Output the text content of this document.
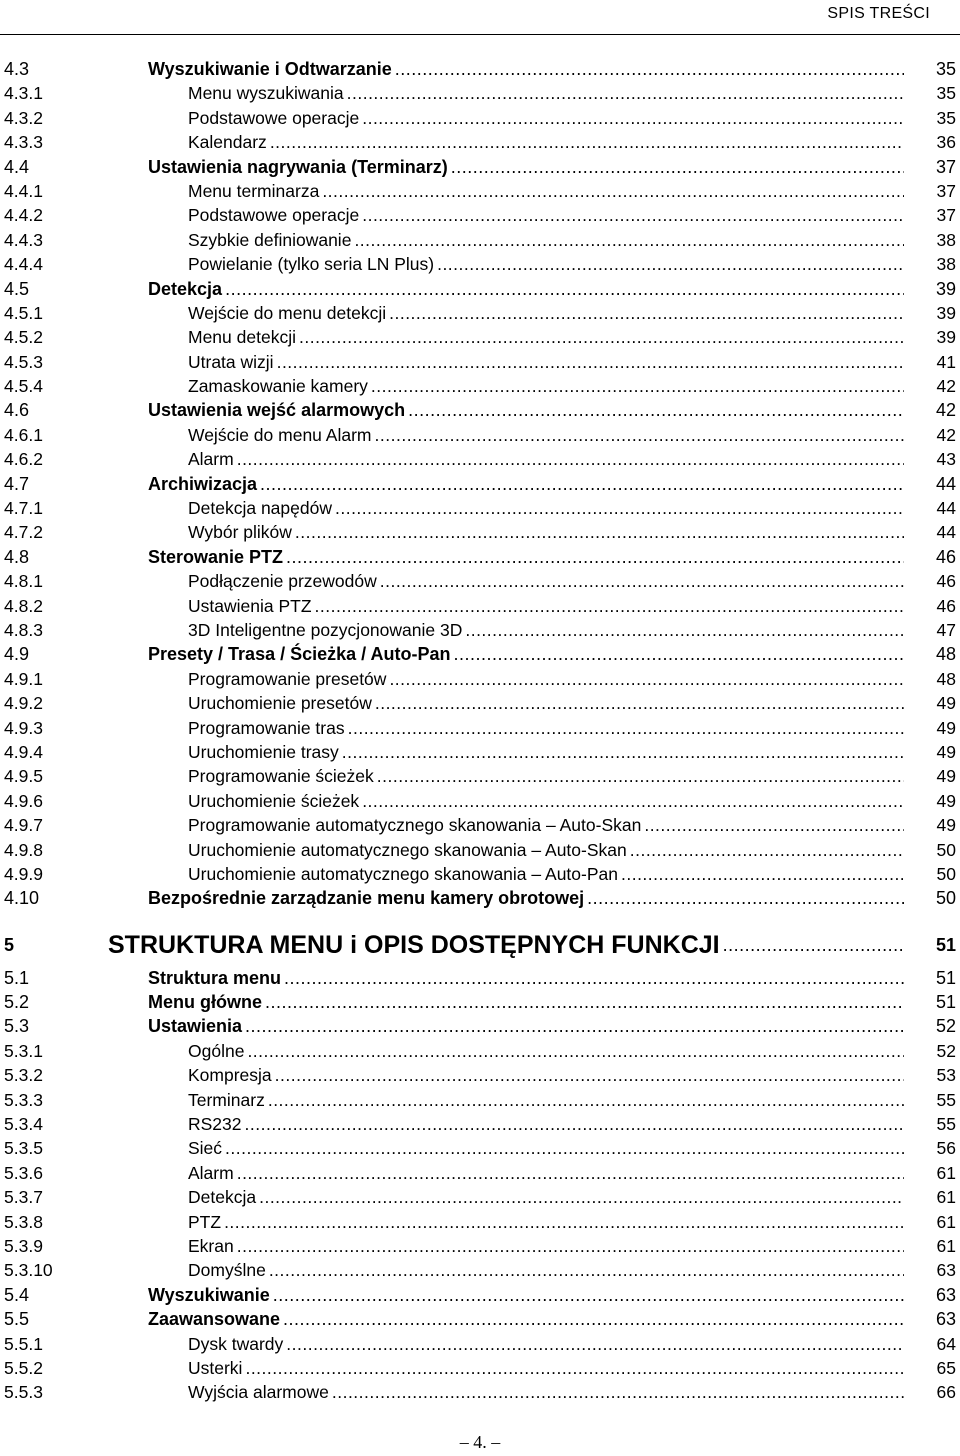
SPIS TREŚCI
4.3	Wyszukiwanie i Odtwarzanie .....	35
4.3.1	Menu wyszukiwania .....	35
4.3.2	Podstawowe operacje .....	35
4.3.3	Kalendarz .....	36
4.4	Ustawienia nagrywania (Terminarz) .....	37
4.4.1	Menu terminarza .....	37
4.4.2	Podstawowe operacje .....	37
4.4.3	Szybkie definiowanie .....	38
4.4.4	Powielanie (tylko seria LN Plus) .....	38
4.5	Detekcja .....	39
4.5.1	Wejście do menu detekcji .....	39
4.5.2	Menu detekcji .....	39
4.5.3	Utrata wizji .....	41
4.5.4	Zamaskowanie kamery .....	42
4.6	Ustawienia wejść alarmowych .....	42
4.6.1	Wejście do menu Alarm .....	42
4.6.2	Alarm .....	43
4.7	Archiwizacja .....	44
4.7.1	Detekcja napędów .....	44
4.7.2	Wybór plików .....	44
4.8	Sterowanie PTZ .....	46
4.8.1	Podłączenie przewodów .....	46
4.8.2	Ustawienia PTZ .....	46
4.8.3	3D Inteligentne pozycjonowanie 3D .....	47
4.9	Presety / Trasa / Ścieżka / Auto-Pan .....	48
4.9.1	Programowanie presetów .....	48
4.9.2	Uruchomienie presetów .....	49
4.9.3	Programowanie tras .....	49
4.9.4	Uruchomienie trasy .....	49
4.9.5	Programowanie ścieżek .....	49
4.9.6	Uruchomienie ścieżek .....	49
4.9.7	Programowanie automatycznego skanowania – Auto-Skan .....	49
4.9.8	Uruchomienie automatycznego skanowania – Auto-Skan .....	50
4.9.9	Uruchomienie automatycznego skanowania – Auto-Pan .....	50
4.10	Bezpośrednie zarządzanie menu kamery obrotowej .....	50
5	STRUKTURA MENU i OPIS DOSTĘPNYCH FUNKCJI .....	51
5.1	Struktura menu .....	51
5.2	Menu główne .....	51
5.3	Ustawienia .....	52
5.3.1	Ogólne .....	52
5.3.2	Kompresja .....	53
5.3.3	Terminarz .....	55
5.3.4	RS232 .....	55
5.3.5	Sieć .....	56
5.3.6	Alarm .....	61
5.3.7	Detekcja .....	61
5.3.8	PTZ .....	61
5.3.9	Ekran .....	61
5.3.10	Domyślne .....	63
5.4	Wyszukiwanie .....	63
5.5	Zaawansowane .....	63
5.5.1	Dysk twardy .....	64
5.5.2	Usterki .....	65
5.5.3	Wyjścia alarmowe .....	66
– 4. –
